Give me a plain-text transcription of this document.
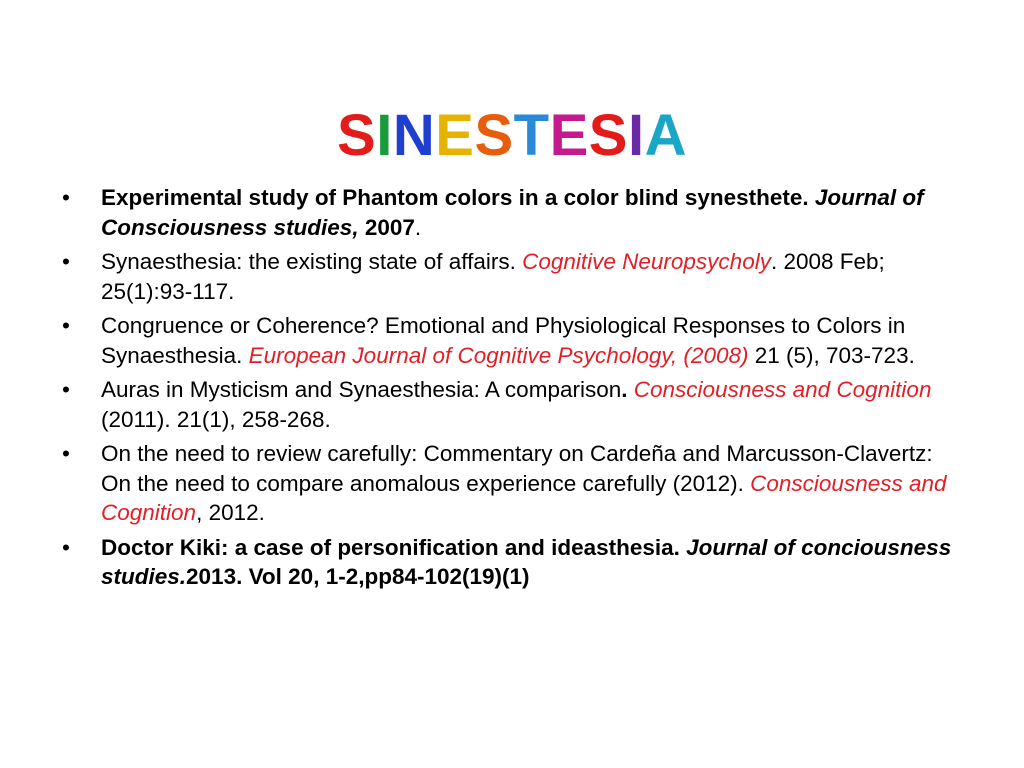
SINESTESIA
•	Experimental study of Phantom colors in a color blind synesthete. Journal of Consciousness studies, 2007.
•	Synaesthesia: the existing state of affairs. Cognitive Neuropsycholy. 2008 Feb; 25(1):93-117.
•	Congruence or Coherence? Emotional and Physiological Responses to Colors in Synaesthesia. European Journal of Cognitive Psychology, (2008) 21 (5), 703-723.
•	Auras in Mysticism and Synaesthesia: A comparison. Consciousness and Cognition (2011). 21(1), 258-268.
•	On the need to review carefully: Commentary on Cardeña and Marcusson-Clavertz: On the need to compare anomalous experience carefully (2012). Consciousness and Cognition, 2012.
•	Doctor Kiki: a case of personification and ideasthesia. Journal of conciousness studies.2013. Vol 20, 1-2,pp84-102(19)(1)
